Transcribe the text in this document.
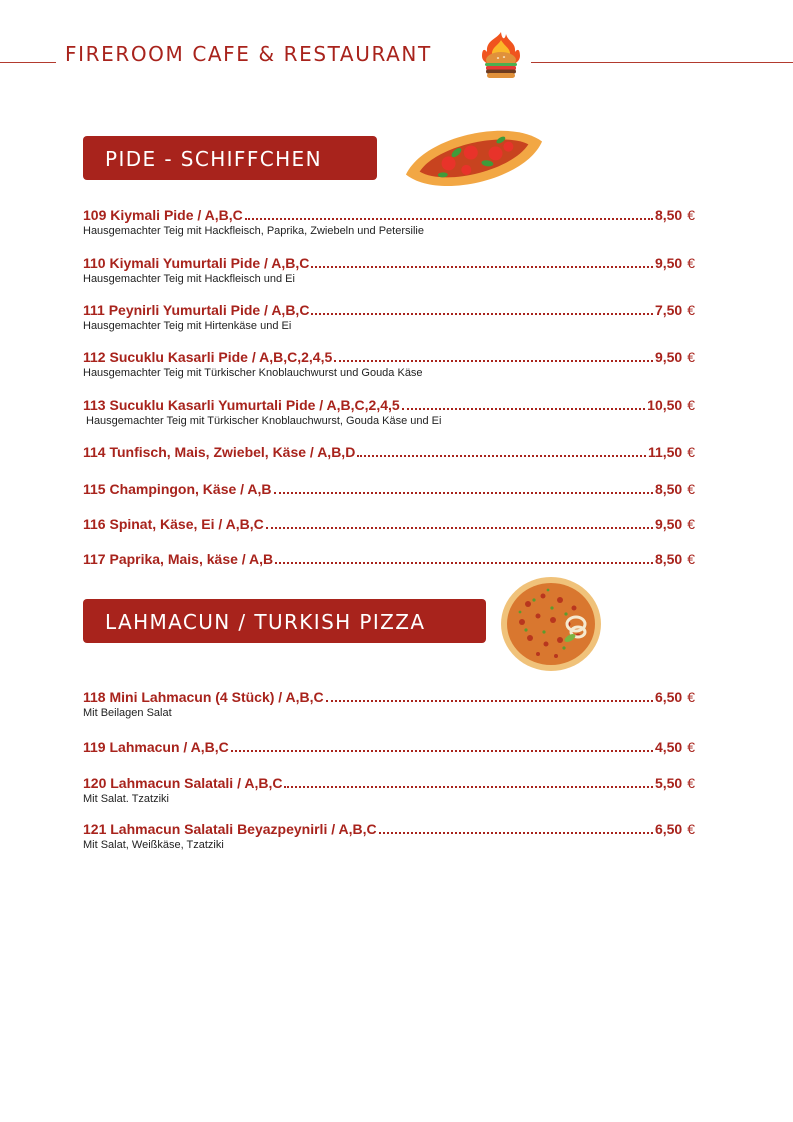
FIREROOM CAFE & RESTAURANT
PIDE - SCHIFFCHEN
109 Kiymali Pide / A,B,C	8,50 €
Hausgemachter Teig mit Hackfleisch, Paprika, Zwiebeln und Petersilie
110 Kiymali Yumurtali Pide / A,B,C	9,50 €
Hausgemachter Teig mit Hackfleisch und Ei
111 Peynirli Yumurtali Pide / A,B,C	7,50 €
Hausgemachter Teig mit Hirtenkäse und Ei
112 Sucuklu Kasarli Pide / A,B,C,2,4,5	9,50 €
Hausgemachter Teig mit Türkischer Knoblauchwurst und Gouda Käse
113 Sucuklu Kasarli Yumurtali Pide / A,B,C,2,4,5	10,50 €
Hausgemachter Teig mit Türkischer Knoblauchwurst, Gouda Käse und Ei
114 Tunfisch, Mais, Zwiebel, Käse / A,B,D	11,50 €
115 Champingon, Käse / A,B	8,50 €
116 Spinat, Käse, Ei / A,B,C	9,50 €
117 Paprika, Mais, käse / A,B	8,50 €
LAHMACUN / TURKISH PIZZA
118 Mini Lahmacun (4 Stück) / A,B,C	6,50 €
Mit Beilagen Salat
119 Lahmacun / A,B,C	4,50 €
120 Lahmacun Salatali / A,B,C	5,50 €
Mit Salat. Tzatziki
121 Lahmacun Salatali Beyazpeynirli / A,B,C	6,50 €
Mit Salat, Weißkäse, Tzatziki
